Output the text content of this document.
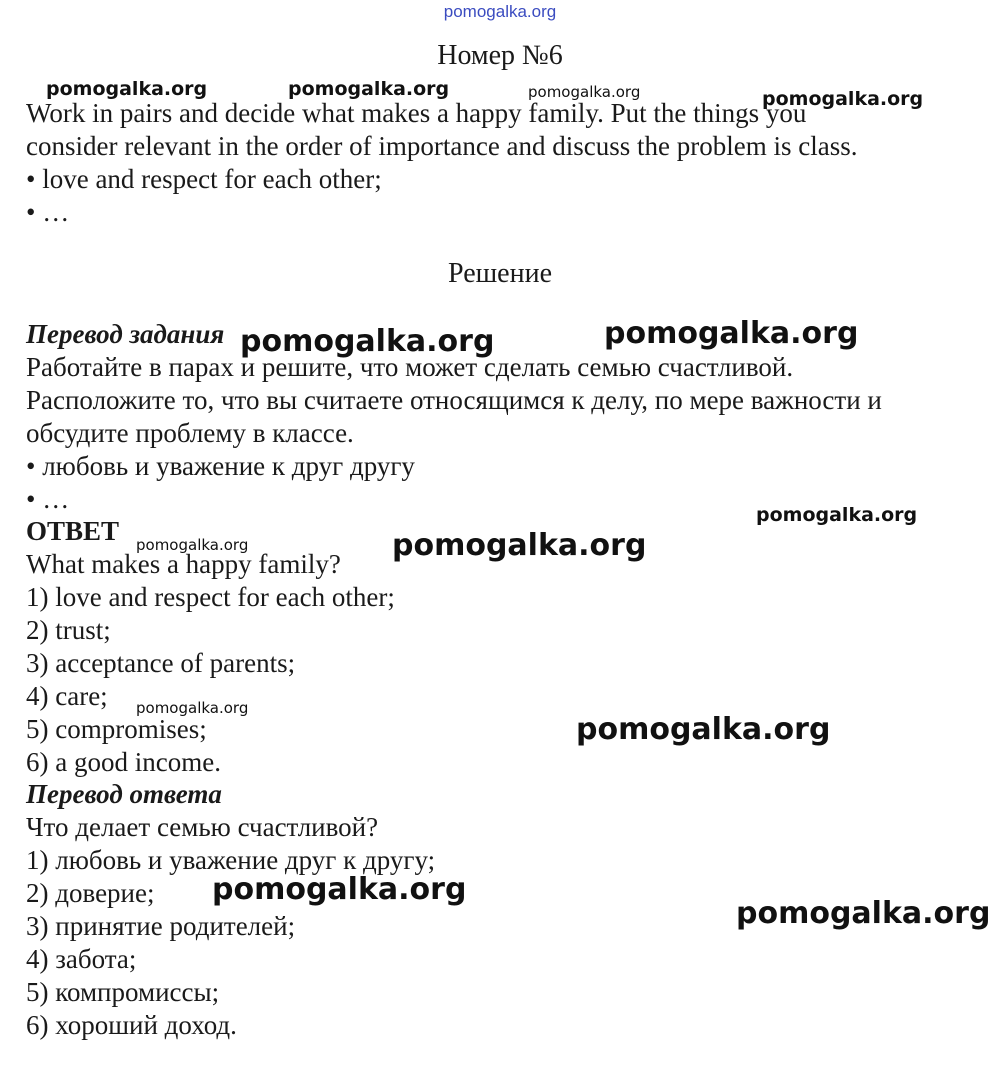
pomogalka.org
Номер №6
Work in pairs and decide what makes a happy family. Put the things you
consider relevant in the order of importance and discuss the problem is class.
• love and respect for each other;
• …
Решение
Перевод задания
Работайте в парах и решите, что может сделать семью счастливой.
Расположите то, что вы считаете относящимся к делу, по мере важности и
обсудите проблему в классе.
• любовь и уважение к друг другу
• …
ОТВЕТ
What makes a happy family?
1) love and respect for each other;
2) trust;
3) acceptance of parents;
4) care;
5) compromises;
6) a good income.
Перевод ответа
Что делает семью счастливой?
1) любовь и уважение друг к другу;
2) доверие;
3) принятие родителей;
4) забота;
5) компромиссы;
6) хороший доход.
pomogalka.org	pomogalka.org	pomogalka.org	pomogalka.org
pomogalka.org	pomogalka.org
pomogalka.org
pomogalka.org	pomogalka.org
pomogalka.org
pomogalka.org
pomogalka.org
pomogalka.org
